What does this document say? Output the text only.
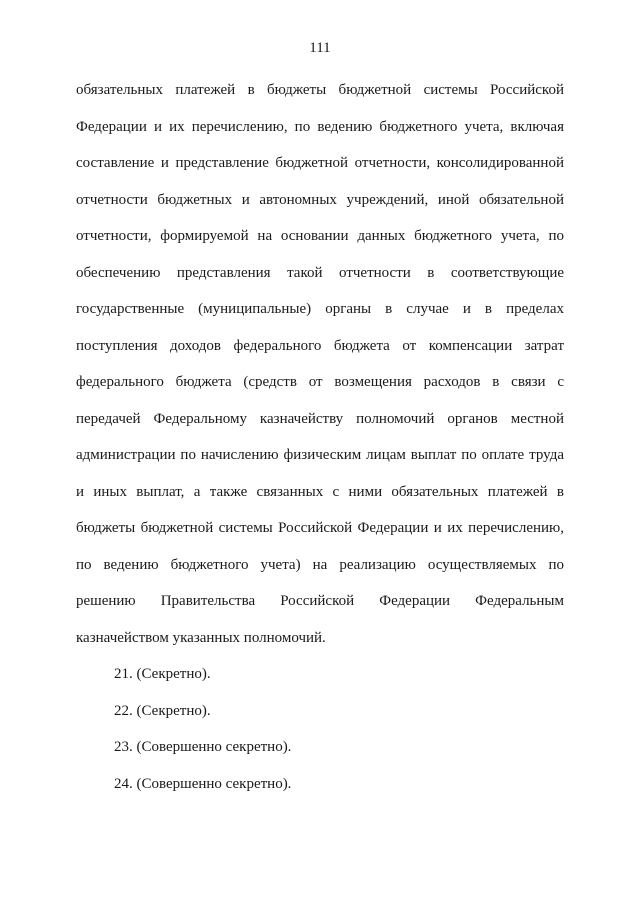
111
обязательных платежей в бюджеты бюджетной системы Российской
Федерации и их перечислению, по ведению бюджетного учета, включая
составление и представление бюджетной отчетности, консолидированной
отчетности бюджетных и автономных учреждений, иной обязательной
отчетности, формируемой на основании данных бюджетного учета, по
обеспечению представления такой отчетности в соответствующие
государственные (муниципальные) органы в случае и в пределах
поступления доходов федерального бюджета от компенсации затрат
федерального бюджета (средств от возмещения расходов в связи с
передачей Федеральному казначейству полномочий органов местной
администрации по начислению физическим лицам выплат по оплате труда
и иных выплат, а также связанных с ними обязательных платежей в
бюджеты бюджетной системы Российской Федерации и их перечислению,
по ведению бюджетного учета) на реализацию осуществляемых по
решению Правительства Российской Федерации Федеральным
казначейством указанных полномочий.
21. (Секретно).
22. (Секретно).
23. (Совершенно секретно).
24. (Совершенно секретно).
